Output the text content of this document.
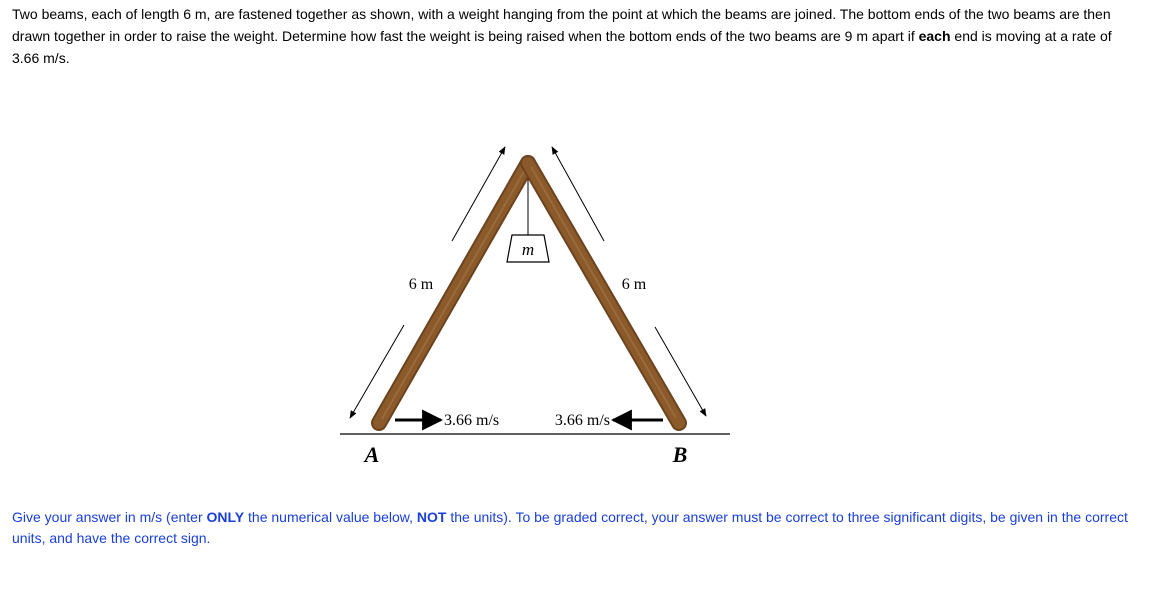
Two beams, each of length 6 m, are fastened together as shown, with a weight hanging from the point at which the beams are joined. The bottom ends of the two beams are then drawn together in order to raise the weight. Determine how fast the weight is being raised when the bottom ends of the two beams are 9 m apart if each end is moving at a rate of 3.66 m/s.
m
6 m	6 m
3.66 m/s	3.66 m/s
A	B
Give your answer in m/s (enter ONLY the numerical value below, NOT the units). To be graded correct, your answer must be correct to three significant digits, be given in the correct units, and have the correct sign.
